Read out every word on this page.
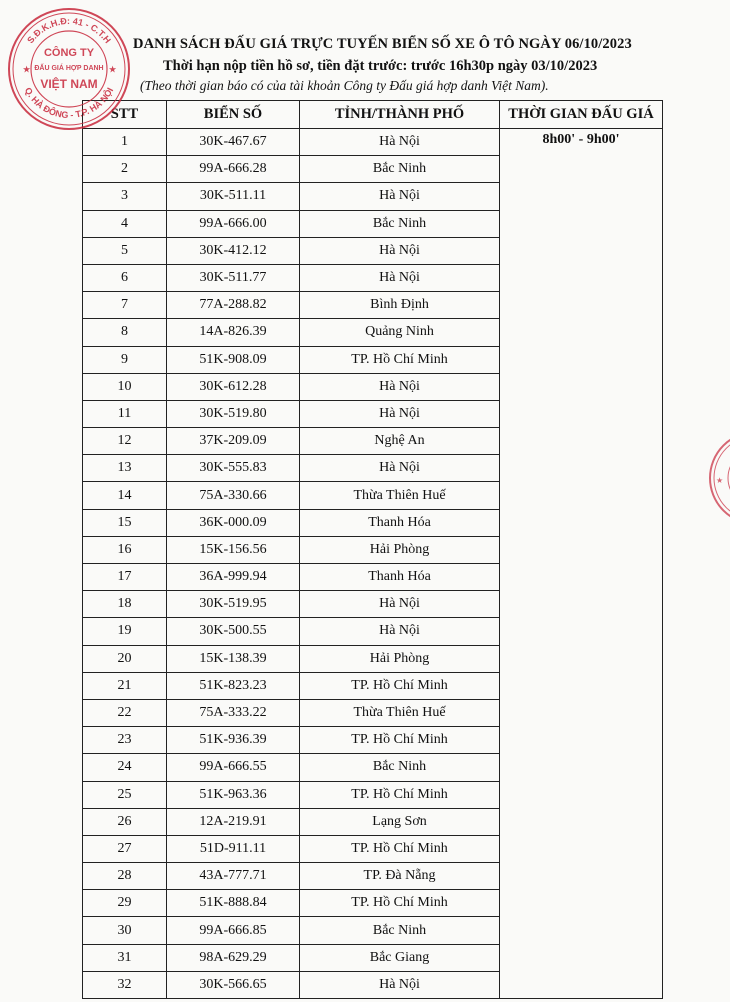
DANH SÁCH ĐẤU GIÁ TRỰC TUYẾN BIỂN SỐ XE Ô TÔ NGÀY 06/10/2023
Thời hạn nộp tiền hồ sơ, tiền đặt trước: trước 16h30p ngày 03/10/2023
(Theo thời gian báo có của tài khoản Công ty Đấu giá hợp danh Việt Nam).
STT	BIỂN SỐ	TỈNH/THÀNH PHỐ	THỜI GIAN ĐẤU GIÁ
1	30K-467.67	Hà Nội	8h00' - 9h00'
2	99A-666.28	Bắc Ninh	
3	30K-511.11	Hà Nội	
4	99A-666.00	Bắc Ninh	
5	30K-412.12	Hà Nội	
6	30K-511.77	Hà Nội	
7	77A-288.82	Bình Định	
8	14A-826.39	Quảng Ninh	
9	51K-908.09	TP. Hồ Chí Minh	
10	30K-612.28	Hà Nội	
11	30K-519.80	Hà Nội	
12	37K-209.09	Nghệ An	
13	30K-555.83	Hà Nội	
14	75A-330.66	Thừa Thiên Huế	
15	36K-000.09	Thanh Hóa	
16	15K-156.56	Hải Phòng	
17	36A-999.94	Thanh Hóa	
18	30K-519.95	Hà Nội	
19	30K-500.55	Hà Nội	
20	15K-138.39	Hải Phòng	
21	51K-823.23	TP. Hồ Chí Minh	
22	75A-333.22	Thừa Thiên Huế	
23	51K-936.39	TP. Hồ Chí Minh	
24	99A-666.55	Bắc Ninh	
25	51K-963.36	TP. Hồ Chí Minh	
26	12A-219.91	Lạng Sơn	
27	51D-911.11	TP. Hồ Chí Minh	
28	43A-777.71	TP. Đà Nẵng	
29	51K-888.84	TP. Hồ Chí Minh	
30	99A-666.85	Bắc Ninh	
31	98A-629.29	Bắc Giang	
32	30K-566.65	Hà Nội	
S.Đ.K.H.Đ: 41 - C.T.H
Q. HÀ ĐÔNG - T.P. HÀ NỘI
CÔNG TY
ĐẤU GIÁ HỢP DANH
VIỆT NAM
★	★
★
